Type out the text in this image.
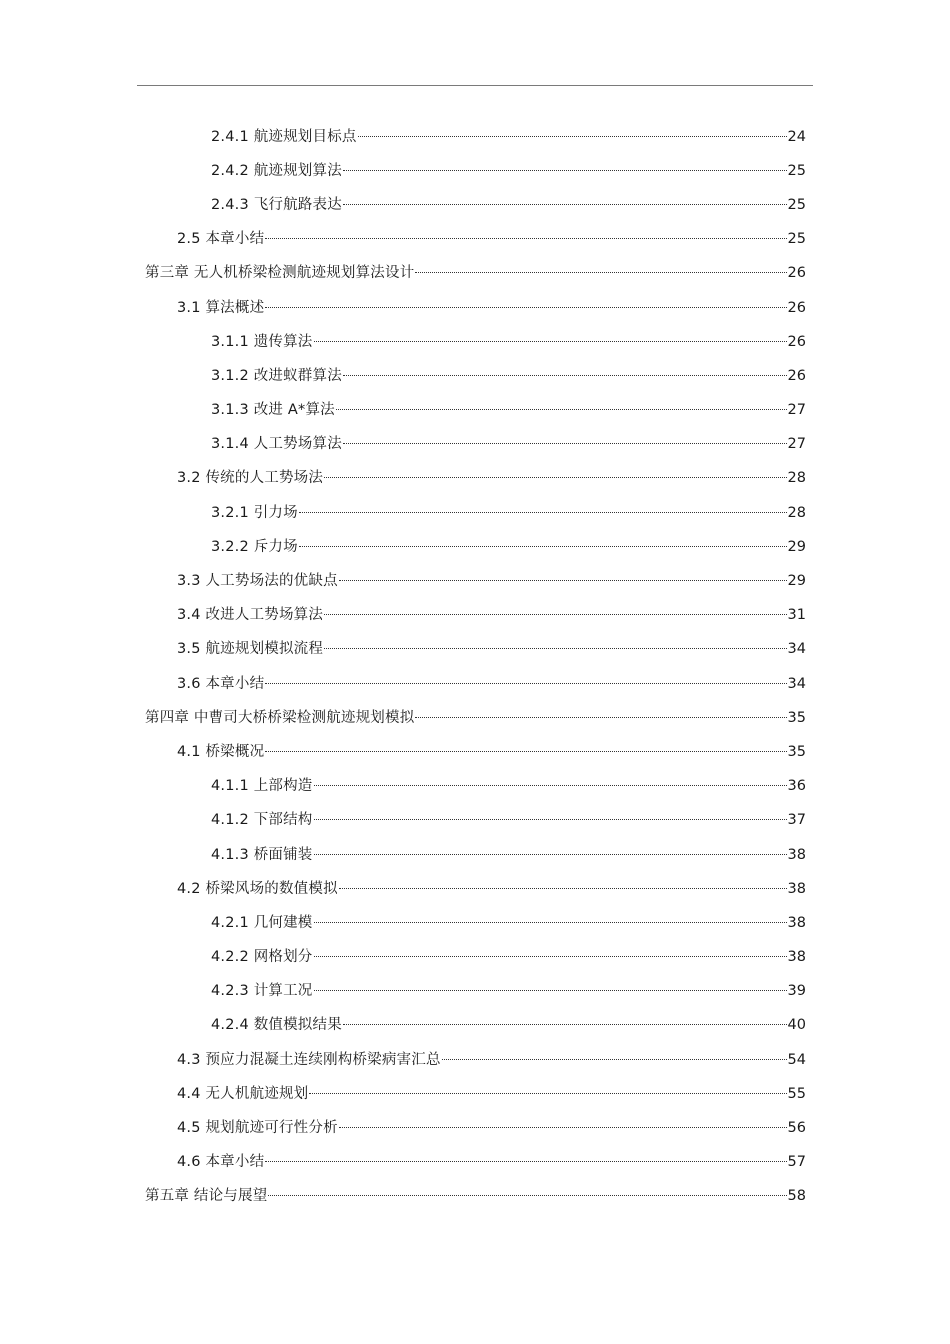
2.4.1 航迹规划目标点	24
2.4.2 航迹规划算法	25
2.4.3 飞行航路表达	25
2.5 本章小结	25
第三章 无人机桥梁检测航迹规划算法设计	26
3.1 算法概述	26
3.1.1 遗传算法	26
3.1.2 改进蚁群算法	26
3.1.3 改进 A*算法	27
3.1.4 人工势场算法	27
3.2 传统的人工势场法	28
3.2.1 引力场	28
3.2.2 斥力场	29
3.3 人工势场法的优缺点	29
3.4 改进人工势场算法	31
3.5 航迹规划模拟流程	34
3.6 本章小结	34
第四章 中曹司大桥桥梁检测航迹规划模拟	35
4.1 桥梁概况	35
4.1.1 上部构造	36
4.1.2 下部结构	37
4.1.3 桥面铺装	38
4.2 桥梁风场的数值模拟	38
4.2.1 几何建模	38
4.2.2 网格划分	38
4.2.3 计算工况	39
4.2.4 数值模拟结果	40
4.3 预应力混凝土连续刚构桥梁病害汇总	54
4.4 无人机航迹规划	55
4.5 规划航迹可行性分析	56
4.6 本章小结	57
第五章 结论与展望	58
